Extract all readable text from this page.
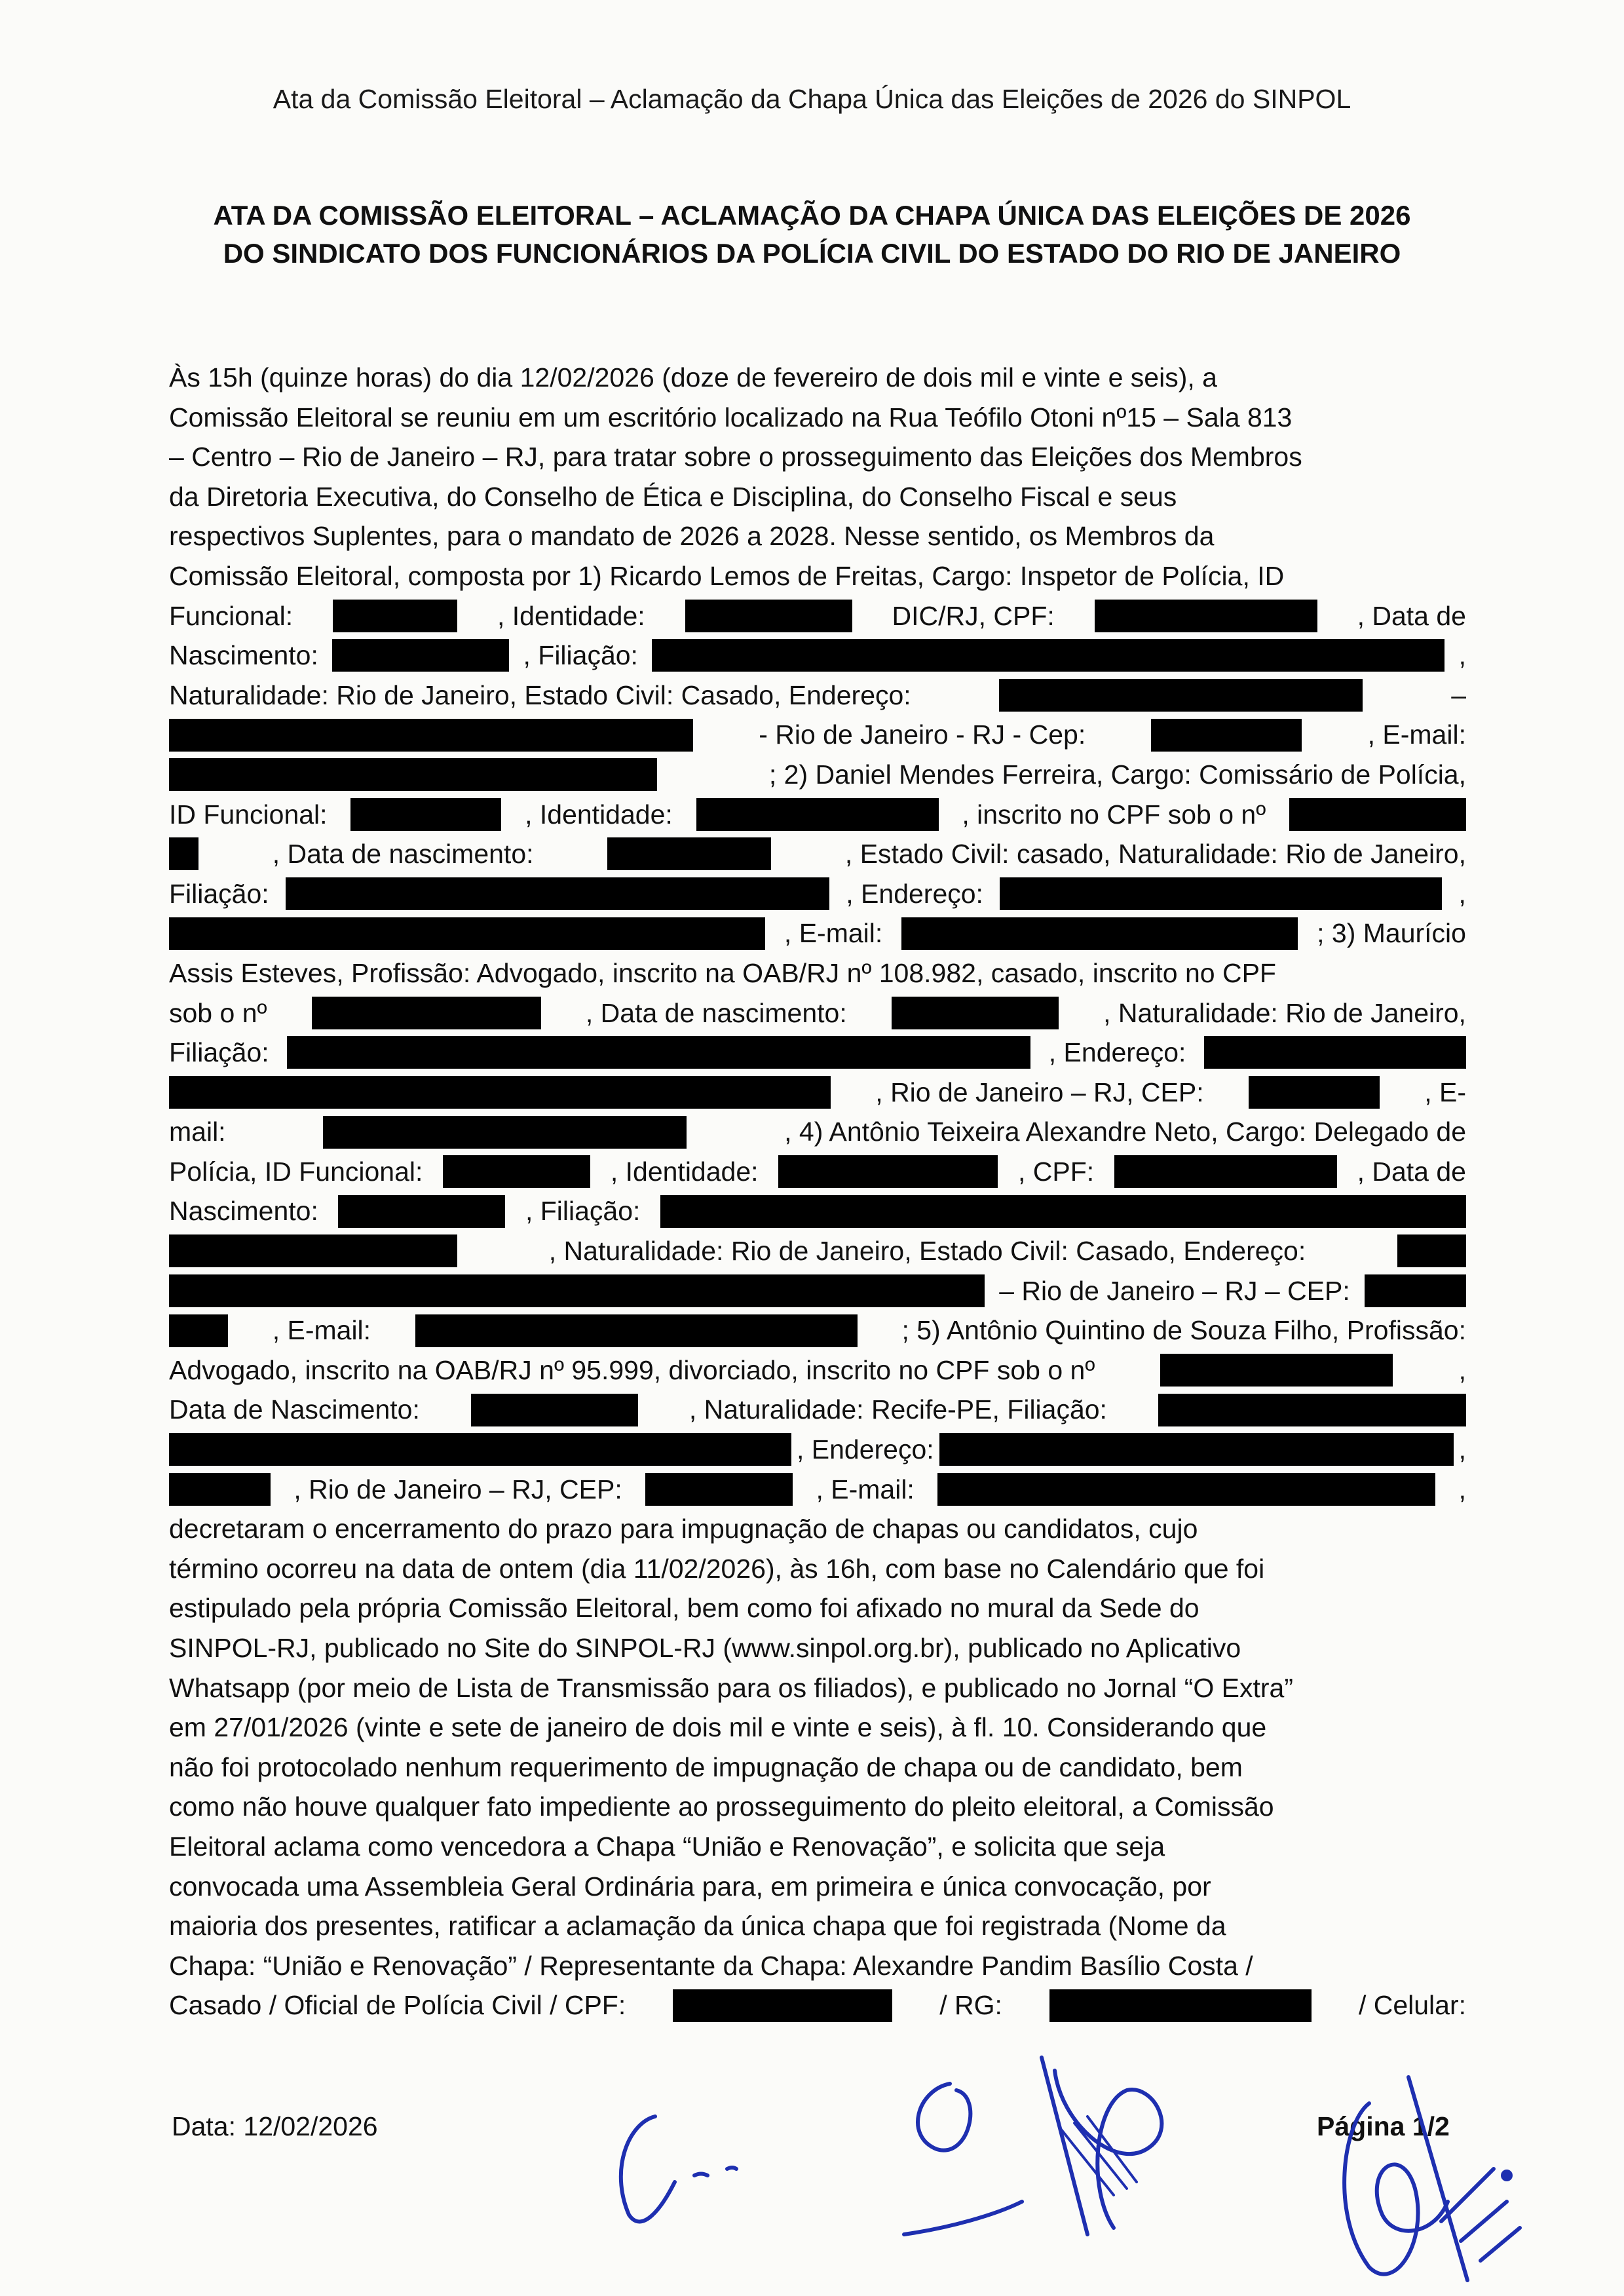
Ata da Comissão Eleitoral – Aclamação da Chapa Única das Eleições de 2026 do SINPOL
ATA DA COMISSÃO ELEITORAL – ACLAMAÇÃO DA CHAPA ÚNICA DAS ELEIÇÕES DE 2026
DO SINDICATO DOS FUNCIONÁRIOS DA POLÍCIA CIVIL DO ESTADO DO RIO DE JANEIRO
Às 15h (quinze horas) do dia 12/02/2026 (doze de fevereiro de dois mil e vinte e seis), a
Comissão Eleitoral se reuniu em um escritório localizado na Rua Teófilo Otoni nº15 – Sala 813
– Centro – Rio de Janeiro – RJ, para tratar sobre o prosseguimento das Eleições dos Membros
da Diretoria Executiva, do Conselho de Ética e Disciplina, do Conselho Fiscal e seus
respectivos Suplentes, para o mandato de 2026 a 2028. Nesse sentido, os Membros da
Comissão Eleitoral, composta por 1) Ricardo Lemos de Freitas, Cargo: Inspetor de Polícia, ID
Funcional:	, Identidade:	DIC/RJ, CPF:	, Data de
Nascimento:	, Filiação:	,
Naturalidade: Rio de Janeiro, Estado Civil: Casado, Endereço:	–
- Rio de Janeiro - RJ - Cep:	, E-mail:
; 2) Daniel Mendes Ferreira, Cargo: Comissário de Polícia,
ID Funcional:	, Identidade:	, inscrito no CPF sob o nº
, Data de nascimento:	, Estado Civil: casado, Naturalidade: Rio de Janeiro,
Filiação:	, Endereço:	,
, E-mail:	; 3) Maurício
Assis Esteves, Profissão: Advogado, inscrito na OAB/RJ nº 108.982, casado, inscrito no CPF
sob o nº	, Data de nascimento:	, Naturalidade: Rio de Janeiro,
Filiação:	, Endereço:
, Rio de Janeiro – RJ, CEP:	, E-
mail:	, 4) Antônio Teixeira Alexandre Neto, Cargo: Delegado de
Polícia, ID Funcional:	, Identidade:	, CPF:	, Data de
Nascimento:	, Filiação:
, Naturalidade: Rio de Janeiro, Estado Civil: Casado, Endereço:
– Rio de Janeiro – RJ – CEP:
, E-mail:	; 5) Antônio Quintino de Souza Filho, Profissão:
Advogado, inscrito na OAB/RJ nº 95.999, divorciado, inscrito no CPF sob o nº	,
Data de Nascimento:	, Naturalidade: Recife-PE, Filiação:
, Endereço:	,
, Rio de Janeiro – RJ, CEP:	, E-mail:	,
decretaram o encerramento do prazo para impugnação de chapas ou candidatos, cujo
término ocorreu na data de ontem (dia 11/02/2026), às 16h, com base no Calendário que foi
estipulado pela própria Comissão Eleitoral, bem como foi afixado no mural da Sede do
SINPOL-RJ, publicado no Site do SINPOL-RJ (www.sinpol.org.br), publicado no Aplicativo
Whatsapp (por meio de Lista de Transmissão para os filiados), e publicado no Jornal “O Extra”
em 27/01/2026 (vinte e sete de janeiro de dois mil e vinte e seis), à fl. 10. Considerando que
não foi protocolado nenhum requerimento de impugnação de chapa ou de candidato, bem
como não houve qualquer fato impediente ao prosseguimento do pleito eleitoral, a Comissão
Eleitoral aclama como vencedora a Chapa “União e Renovação”, e solicita que seja
convocada uma Assembleia Geral Ordinária para, em primeira e única convocação, por
maioria dos presentes, ratificar a aclamação da única chapa que foi registrada (Nome da
Chapa: “União e Renovação” / Representante da Chapa: Alexandre Pandim Basílio Costa /
Casado / Oficial de Polícia Civil / CPF:	/ RG:	/ Celular:
Data: 12/02/2026	Página 1/2
